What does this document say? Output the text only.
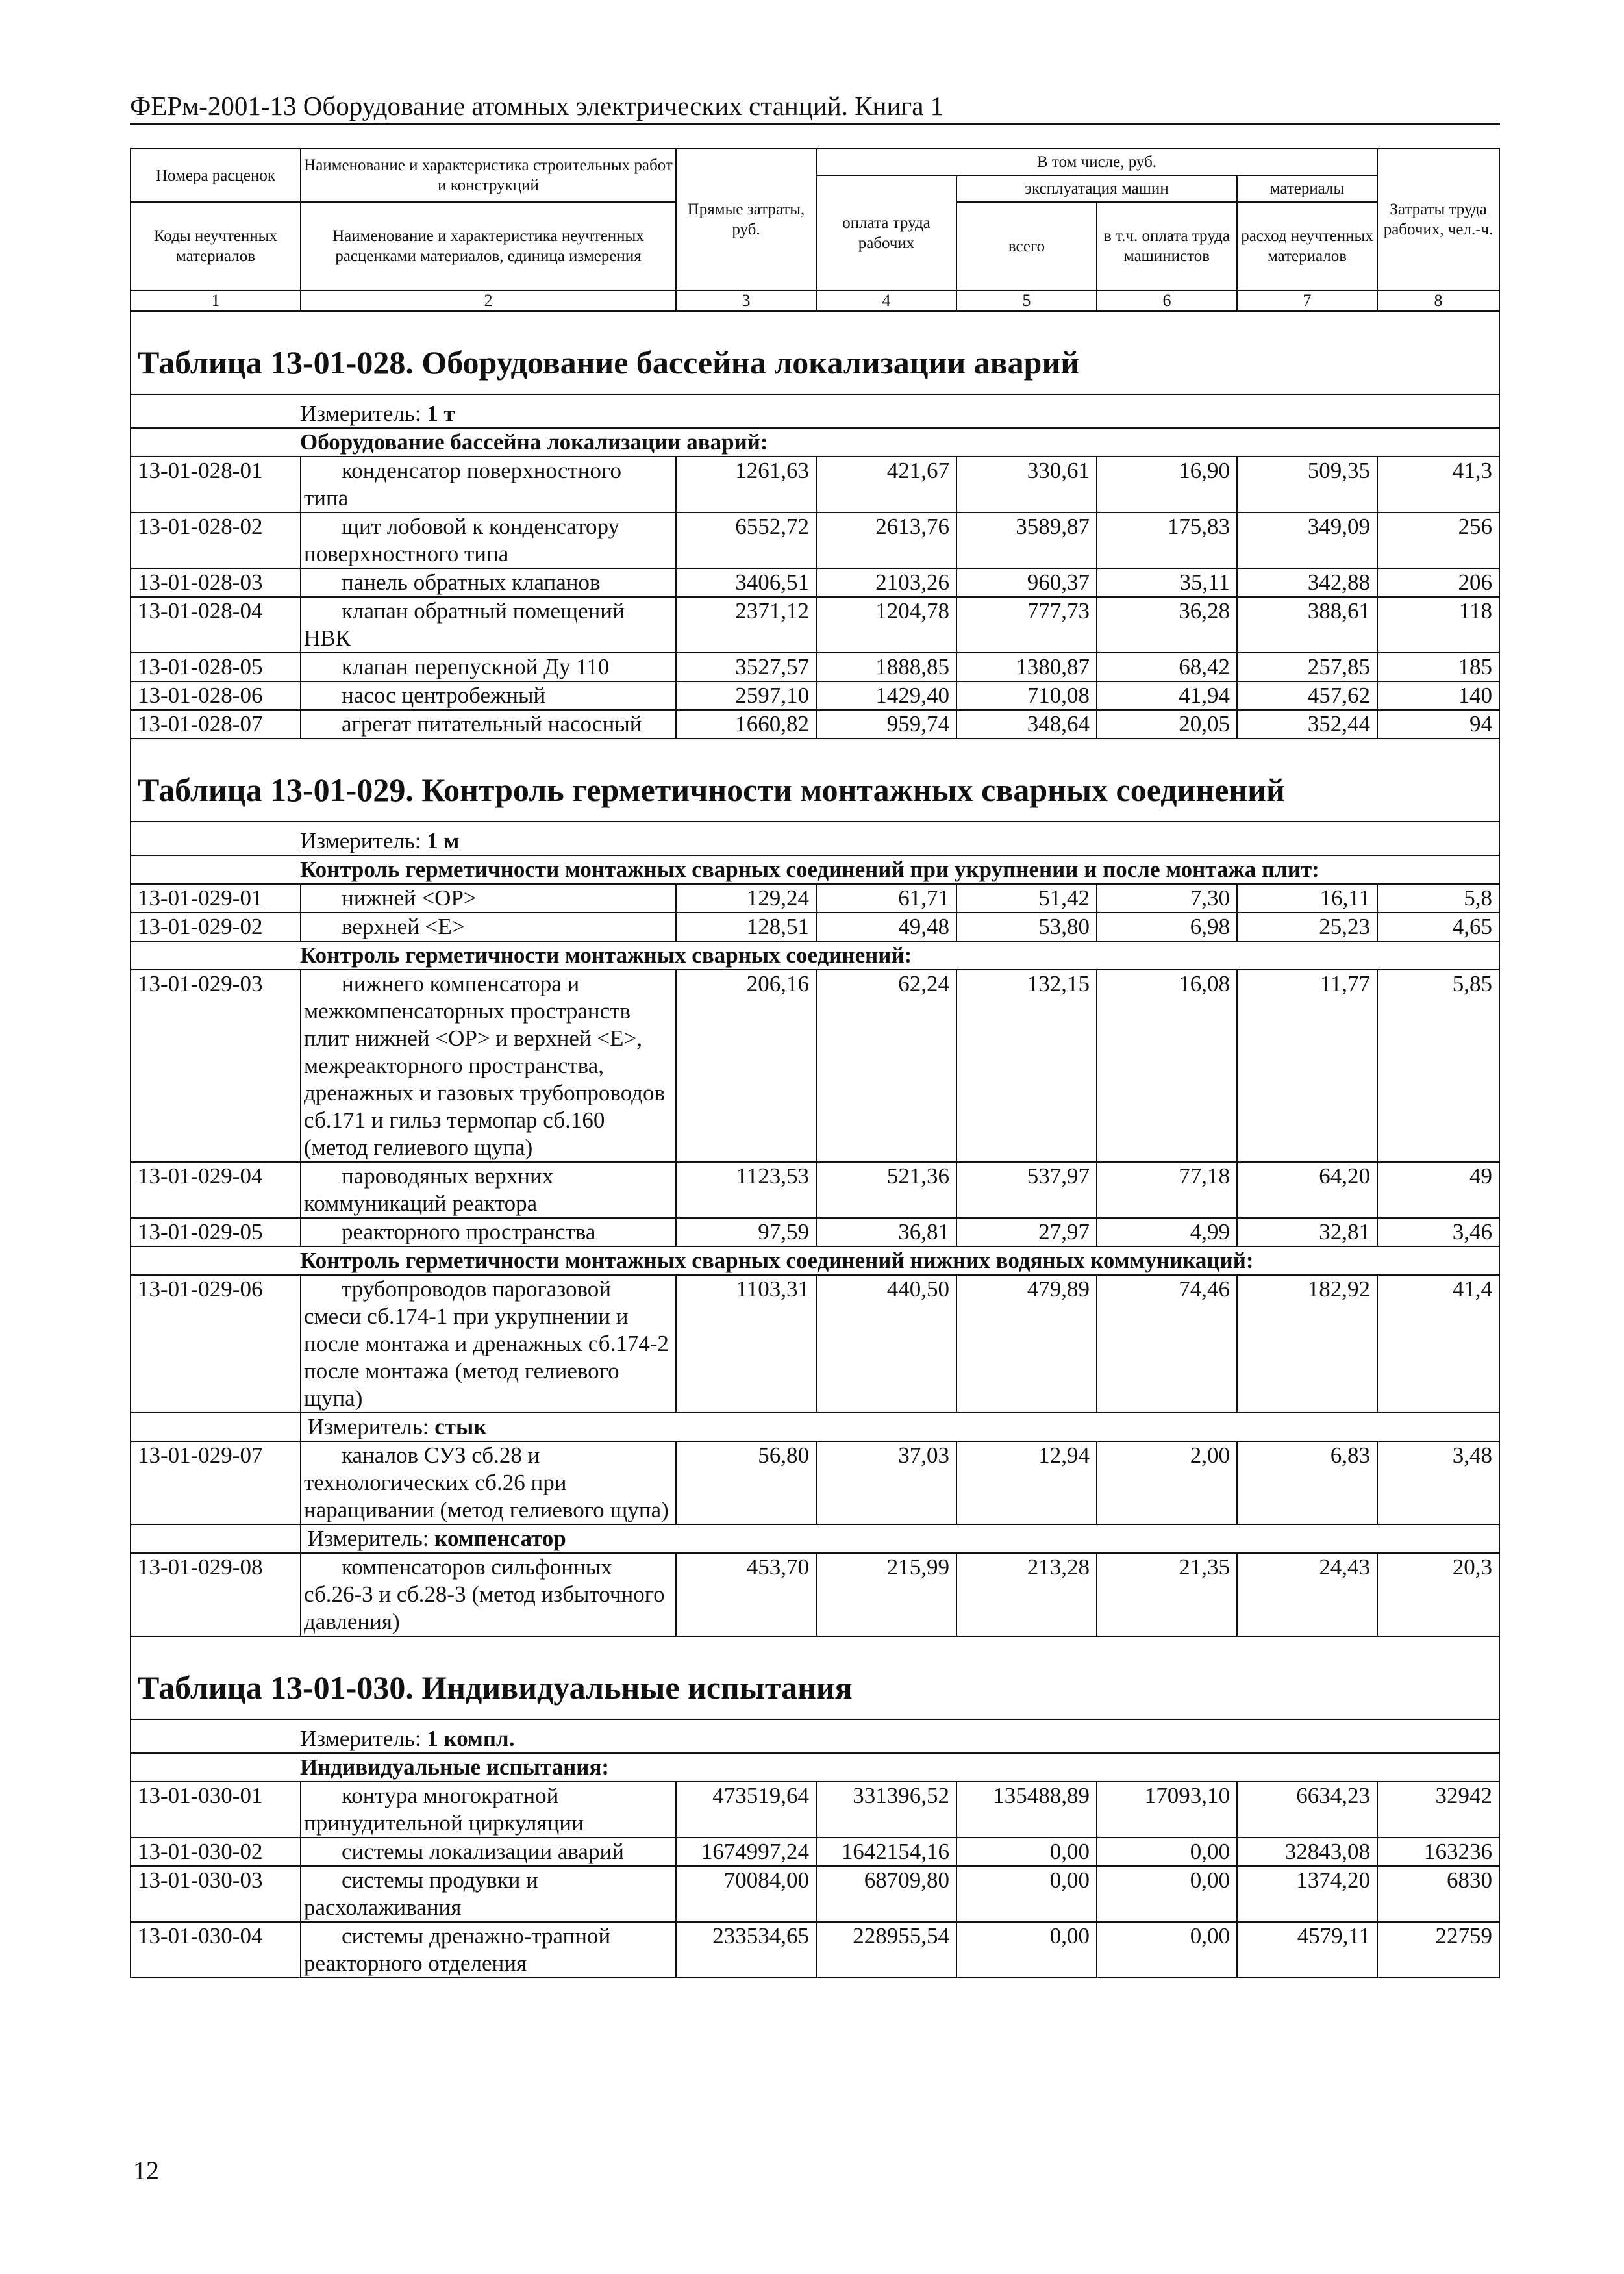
ФЕРм-2001-13 Оборудование атомных электрических станций. Книга 1
Номера расценок	Наименование и характеристика строительных работ и конструкций	Прямые затраты, руб.	В том числе, руб.				Затраты труда рабочих, чел.-ч.
			оплата труда рабочих	эксплуатация машин		материалы	
Коды неучтенных материалов	Наименование и характеристика неучтенных расценками материалов, единица измерения			всего	в т.ч. оплата труда машинистов	расход неучтенных материалов	

1	2	3	4	5	6	7	8
Таблица 13-01-028. Оборудование бассейна локализации аварий							
Измеритель: 1 т							
Оборудование бассейна локализации аварий:							
13-01-028-01	конденсатор поверхностного типа	1261,63	421,67	330,61	16,90	509,35	41,3
13-01-028-02	щит лобовой к конденсатору поверхностного типа	6552,72	2613,76	3589,87	175,83	349,09	256
13-01-028-03	панель обратных клапанов	3406,51	2103,26	960,37	35,11	342,88	206
13-01-028-04	клапан обратный помещений НВК	2371,12	1204,78	777,73	36,28	388,61	118
13-01-028-05	клапан перепускной Ду 110	3527,57	1888,85	1380,87	68,42	257,85	185
13-01-028-06	насос центробежный	2597,10	1429,40	710,08	41,94	457,62	140
13-01-028-07	агрегат питательный насосный	1660,82	959,74	348,64	20,05	352,44	94
Таблица 13-01-029. Контроль герметичности монтажных сварных соединений							
Измеритель: 1 м							
Контроль герметичности монтажных сварных соединений при укрупнении и после монтажа плит:							
13-01-029-01	нижней <ОР>	129,24	61,71	51,42	7,30	16,11	5,8
13-01-029-02	верхней <Е>	128,51	49,48	53,80	6,98	25,23	4,65
Контроль герметичности монтажных сварных соединений:							
13-01-029-03	нижнего компенсатора и межкомпенсаторных пространств плит нижней <ОР> и верхней <Е>, межреакторного пространства, дренажных и газовых трубопроводов сб.171 и гильз термопар сб.160 (метод гелиевого щупа)	206,16	62,24	132,15	16,08	11,77	5,85
13-01-029-04	пароводяных верхних коммуникаций реактора	1123,53	521,36	537,97	77,18	64,20	49
13-01-029-05	реакторного пространства	97,59	36,81	27,97	4,99	32,81	3,46
Контроль герметичности монтажных сварных соединений нижних водяных коммуникаций:							
13-01-029-06	трубопроводов парогазовой смеси сб.174-1 при укрупнении и после монтажа и дренажных сб.174-2 после монтажа (метод гелиевого щупа)	1103,31	440,50	479,89	74,46	182,92	41,4
	Измеритель: стык						
13-01-029-07	каналов СУЗ сб.28 и технологических сб.26 при наращивании (метод гелиевого щупа)	56,80	37,03	12,94	2,00	6,83	3,48
	Измеритель: компенсатор						
13-01-029-08	компенсаторов сильфонных сб.26-3 и сб.28-3 (метод избыточного давления)	453,70	215,99	213,28	21,35	24,43	20,3
Таблица 13-01-030. Индивидуальные испытания							
Измеритель: 1 компл.							
Индивидуальные испытания:							
13-01-030-01	контура многократной принудительной циркуляции	473519,64	331396,52	135488,89	17093,10	6634,23	32942
13-01-030-02	системы локализации аварий	1674997,24	1642154,16	0,00	0,00	32843,08	163236
13-01-030-03	системы продувки и расхолаживания	70084,00	68709,80	0,00	0,00	1374,20	6830
13-01-030-04	системы дренажно-трапной реакторного отделения	233534,65	228955,54	0,00	0,00	4579,11	22759
12
